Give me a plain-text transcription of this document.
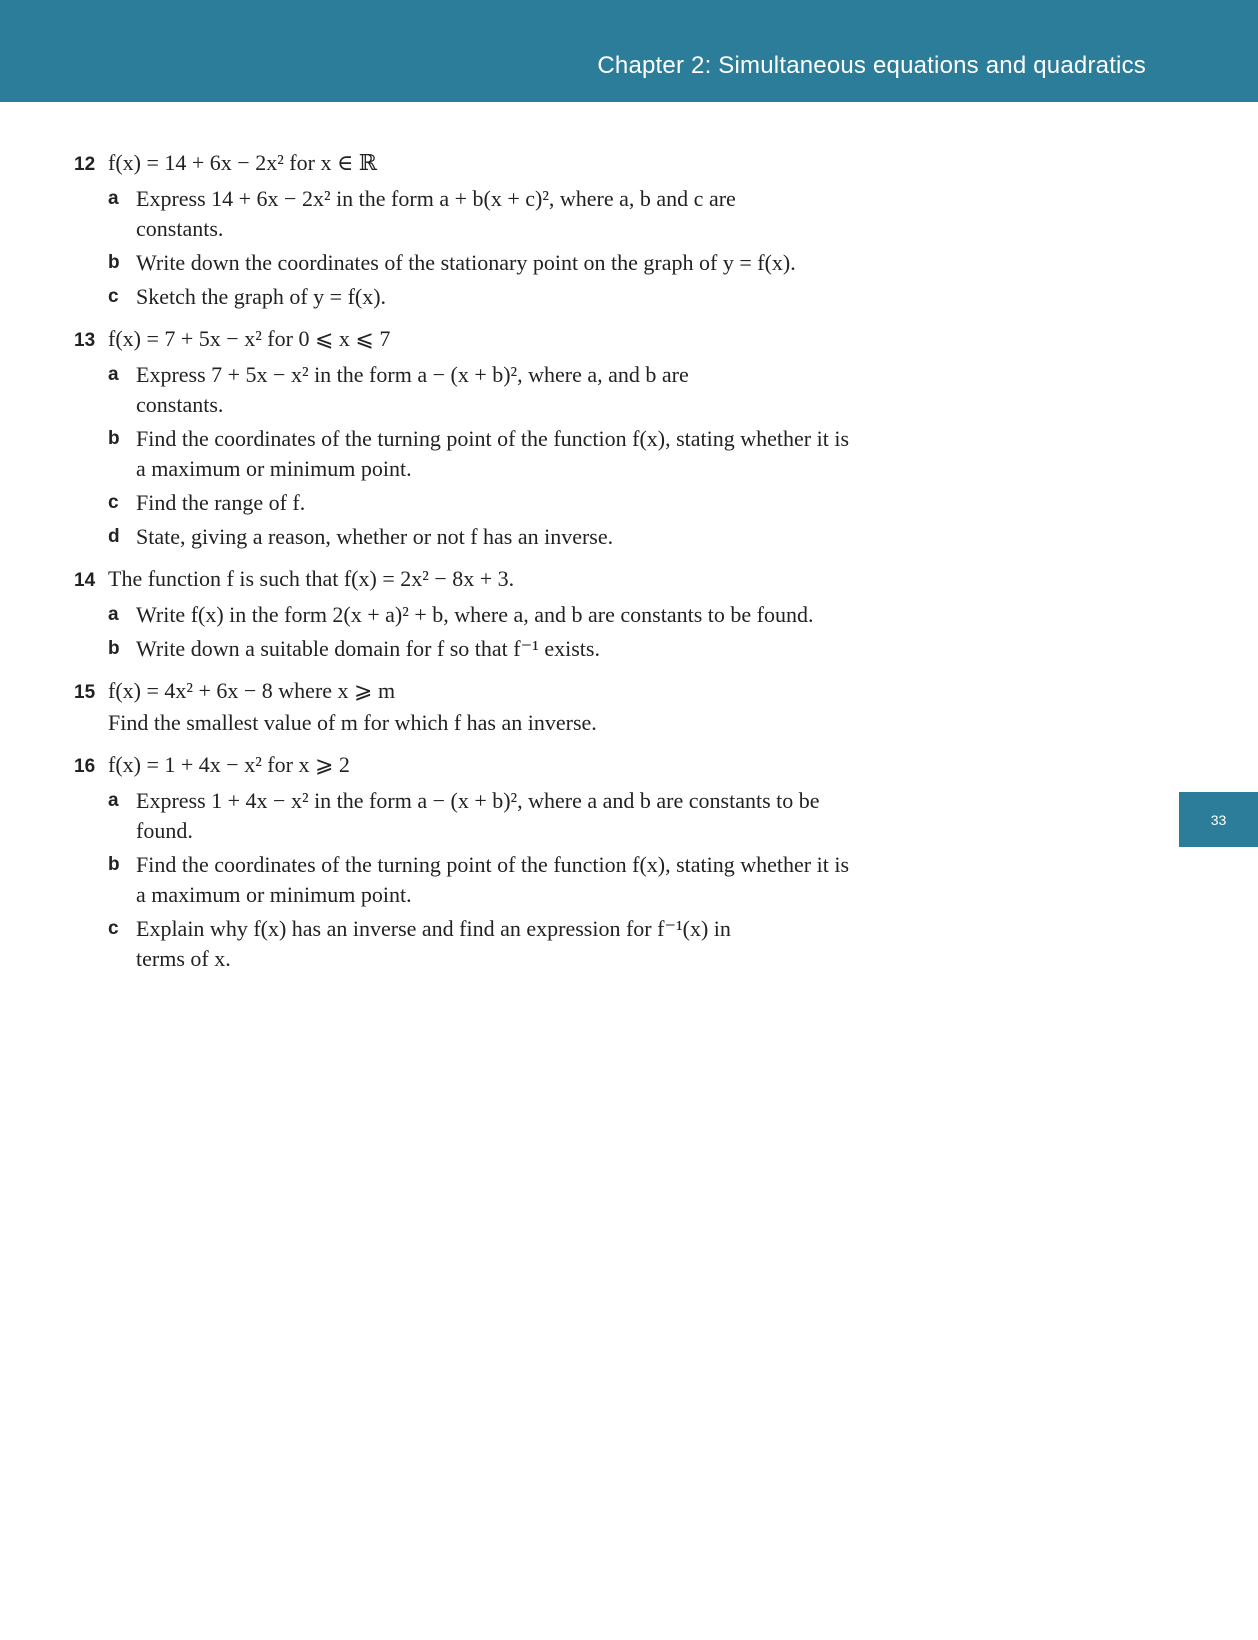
Chapter 2: Simultaneous equations and quadratics
33
12 f(x) = 14 + 6x − 2x² for x ∈ ℝ
a Express 14 + 6x − 2x² in the form a + b(x + c)², where a, b and c are constants.
b Write down the coordinates of the stationary point on the graph of y = f(x).
c Sketch the graph of y = f(x).
13 f(x) = 7 + 5x − x² for 0 ⩽ x ⩽ 7
a Express 7 + 5x − x² in the form a − (x + b)², where a, and b are constants.
b Find the coordinates of the turning point of the function f(x), stating whether it is a maximum or minimum point.
c Find the range of f.
d State, giving a reason, whether or not f has an inverse.
14 The function f is such that f(x) = 2x² − 8x + 3.
a Write f(x) in the form 2(x + a)² + b, where a, and b are constants to be found.
b Write down a suitable domain for f so that f⁻¹ exists.
15 f(x) = 4x² + 6x − 8 where x ⩾ m
Find the smallest value of m for which f has an inverse.
16 f(x) = 1 + 4x − x² for x ⩾ 2
a Express 1 + 4x − x² in the form a − (x + b)², where a and b are constants to be found.
b Find the coordinates of the turning point of the function f(x), stating whether it is a maximum or minimum point.
c Explain why f(x) has an inverse and find an expression for f⁻¹(x) in terms of x.
